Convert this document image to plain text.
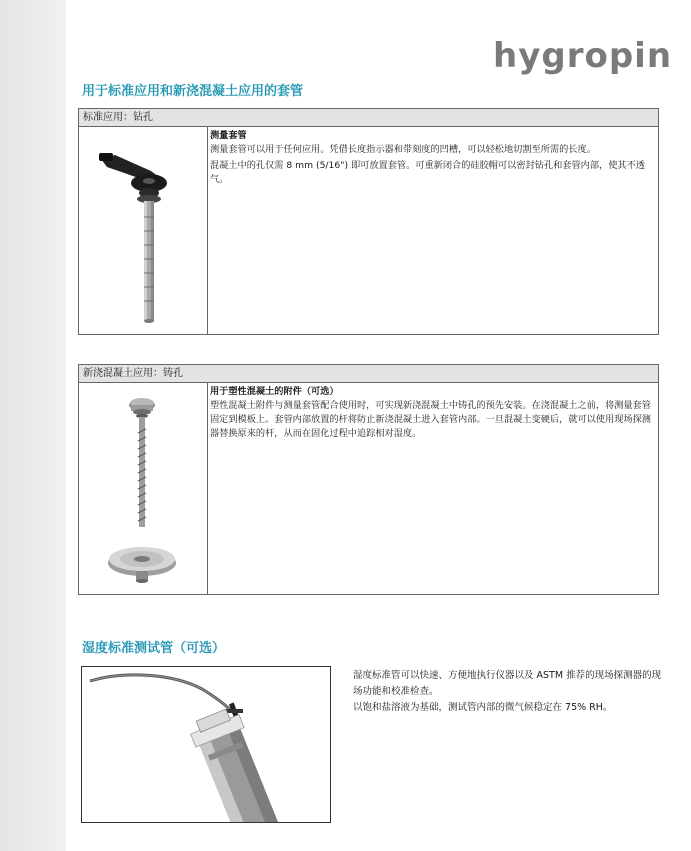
hygropin
用于标准应用和新浇混凝土应用的套管
标准应用：钻孔
测量套管

测量套管可以用于任何应用。凭借长度指示器和带刻度的凹槽，可以轻松地切割至所需的长度。

混凝土中的孔仅需 8 mm (5/16") 即可放置套管。可重新闭合的硅胶帽可以密封钻孔和套管内部，使其不透气。

新浇混凝土应用：铸孔
用于塑性混凝土的附件（可选）

塑性混凝土附件与测量套管配合使用时，可实现新浇混凝土中铸孔的预先安装。在浇混凝土之前，将测量套管固定到模板上。套管内部放置的杆将防止新浇混凝土进入套管内部。一旦混凝土变硬后，就可以使用现场探测器替换原来的杆，从而在固化过程中追踪相对湿度。

湿度标准测试管（可选）

湿度标准管可以快速、方便地执行仪器以及 ASTM 推荐的现场探测器的现场功能和校准检查。

以饱和盐溶液为基础，测试管内部的微气候稳定在 75% RH。
